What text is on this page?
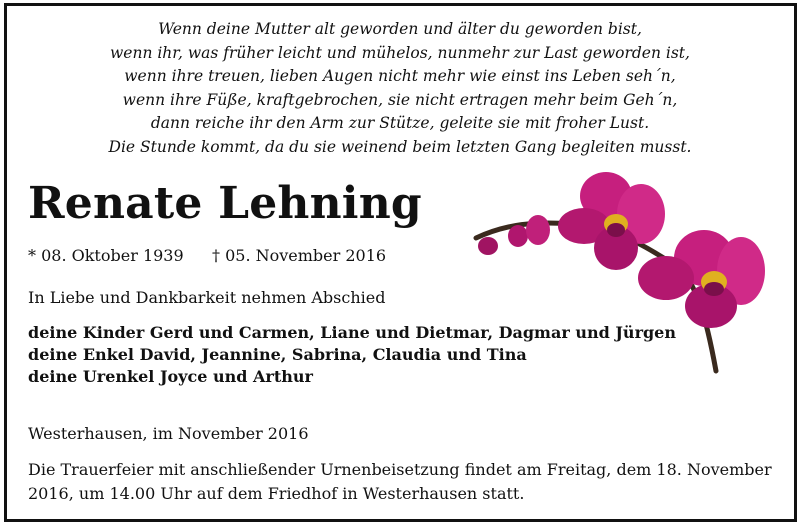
Wenn deine Mutter alt geworden und älter du geworden bist,
wenn ihr, was früher leicht und mühelos, nunmehr zur Last geworden ist,
wenn ihre treuen, lieben Augen nicht mehr wie einst ins Leben seh´n,
wenn ihre Füße, kraftgebrochen, sie nicht ertragen mehr beim Geh´n,
dann reiche ihr den Arm zur Stütze, geleite sie mit froher Lust.
Die Stunde kommt, da du sie weinend beim letzten Gang begleiten musst.
Renate Lehning
* 08. Oktober 1939 † 05. November 2016
In Liebe und Dankbarkeit nehmen Abschied
deine Kinder Gerd und Carmen, Liane und Dietmar, Dagmar und Jürgen
deine Enkel David, Jeannine, Sabrina, Claudia und Tina
deine Urenkel Joyce und Arthur
Westerhausen, im November 2016
Die Trauerfeier mit anschließender Urnenbeisetzung findet am Freitag, dem 18. November
2016, um 14.00 Uhr auf dem Friedhof in Westerhausen statt.
